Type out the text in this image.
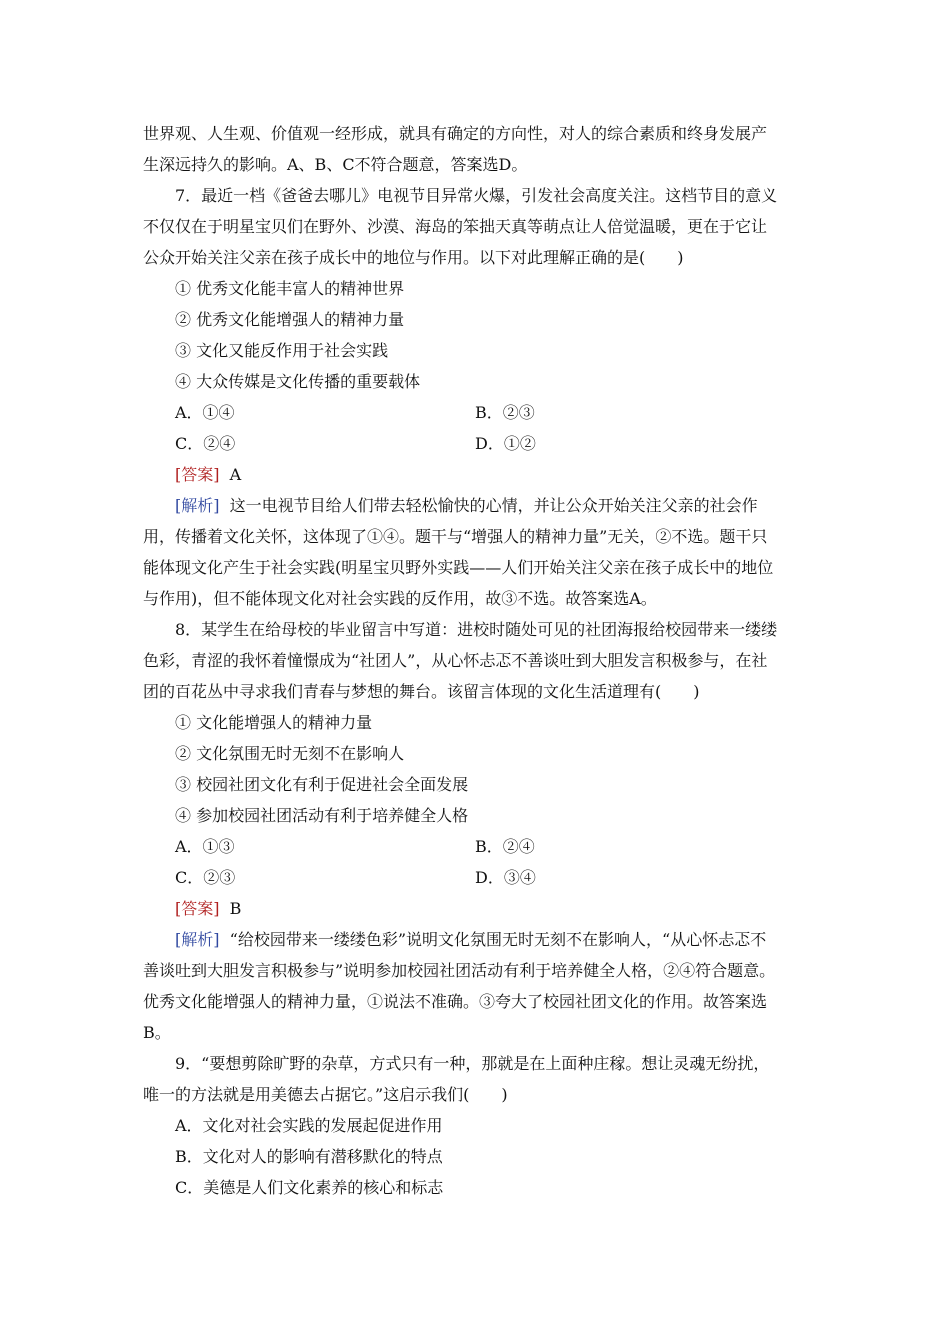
世界观、人生观、价值观一经形成，就具有确定的方向性，对人的综合素质和终身发展产
生深远持久的影响。A、B、C不符合题意，答案选D。
7．最近一档《爸爸去哪儿》电视节目异常火爆，引发社会高度关注。这档节目的意义
不仅仅在于明星宝贝们在野外、沙漠、海岛的笨拙天真等萌点让人倍觉温暖，更在于它让
公众开始关注父亲在孩子成长中的地位与作用。以下对此理解正确的是(　　)
① 优秀文化能丰富人的精神世界
② 优秀文化能增强人的精神力量
③ 文化又能反作用于社会实践
④ 大众传媒是文化传播的重要载体
A．①④	B．②③
C．②④	D．①②
[答案] A
[解析] 这一电视节目给人们带去轻松愉快的心情，并让公众开始关注父亲的社会作
用，传播着文化关怀，这体现了①④。题干与“增强人的精神力量”无关，②不选。题干只
能体现文化产生于社会实践(明星宝贝野外实践——人们开始关注父亲在孩子成长中的地位
与作用)，但不能体现文化对社会实践的反作用，故③不选。故答案选A。
8．某学生在给母校的毕业留言中写道：进校时随处可见的社团海报给校园带来一缕缕
色彩，青涩的我怀着憧憬成为“社团人”，从心怀忐忑不善谈吐到大胆发言积极参与，在社
团的百花丛中寻求我们青春与梦想的舞台。该留言体现的文化生活道理有(　　)
① 文化能增强人的精神力量
② 文化氛围无时无刻不在影响人
③ 校园社团文化有利于促进社会全面发展
④ 参加校园社团活动有利于培养健全人格
A．①③	B．②④
C．②③	D．③④
[答案] B
[解析] “给校园带来一缕缕色彩”说明文化氛围无时无刻不在影响人，“从心怀忐忑不
善谈吐到大胆发言积极参与”说明参加校园社团活动有利于培养健全人格，②④符合题意。
优秀文化能增强人的精神力量，①说法不准确。③夸大了校园社团文化的作用。故答案选
B。
9．“要想剪除旷野的杂草，方式只有一种，那就是在上面种庄稼。想让灵魂无纷扰，
唯一的方法就是用美德去占据它。”这启示我们(　　)
A．文化对社会实践的发展起促进作用
B．文化对人的影响有潜移默化的特点
C．美德是人们文化素养的核心和标志
